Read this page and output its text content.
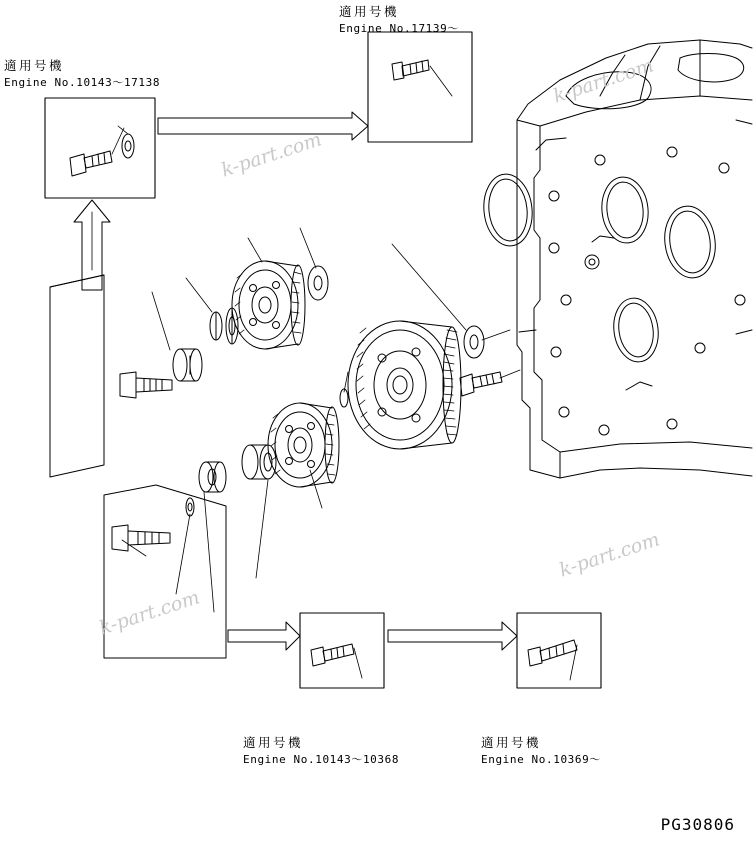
適用号機
Engine No.17139〜
適用号機
Engine No.10143〜17138
適用号機
Engine No.10143〜10368
適用号機
Engine No.10369〜
k-part.com
k-part.com
k-part.com
k-part.com
PG30806
